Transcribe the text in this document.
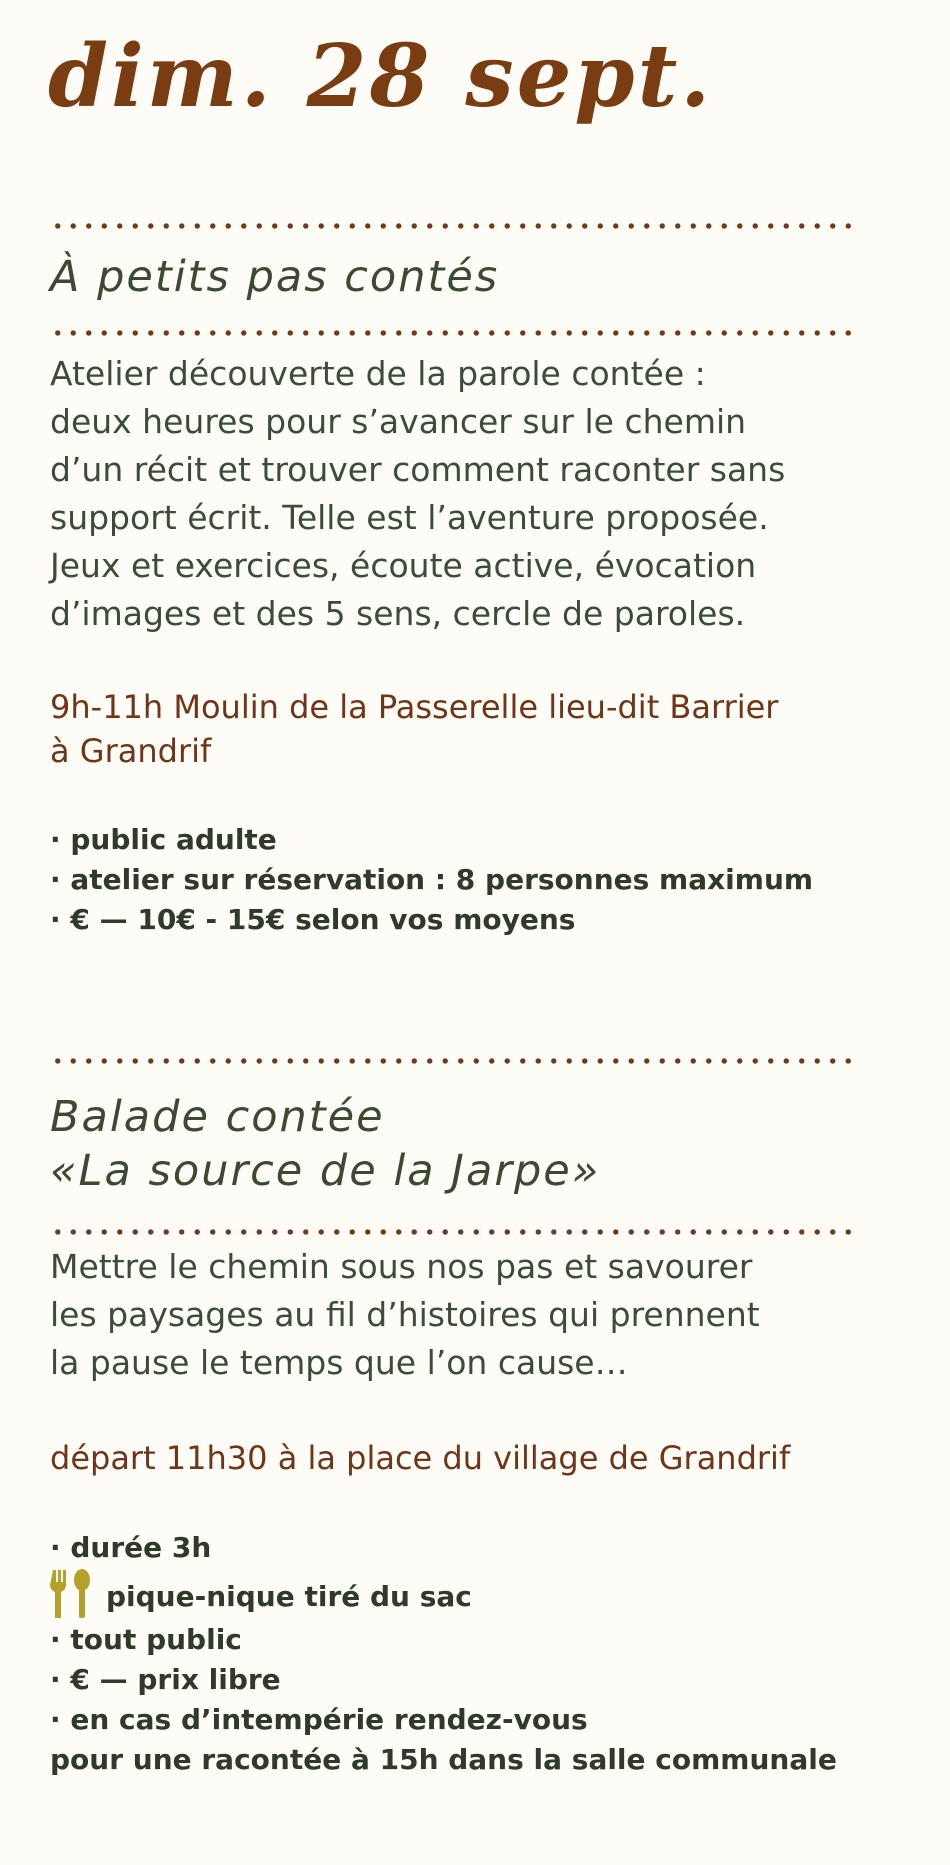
dim. 28 sept.
À petits pas contés

Atelier découverte de la parole contée :
deux heures pour s’avancer sur le chemin
d’un récit et trouver comment raconter sans
support écrit. Telle est l’aventure proposée.
Jeux et exercices, écoute active, évocation
d’images et des 5 sens, cercle de paroles.

9h-11h Moulin de la Passerelle lieu-dit Barrier
à Grandrif

· public adulte
· atelier sur réservation : 8 personnes maximum
· € — 10€ - 15€ selon vos moyens
Balade contée
«La source de la Jarpe»

Mettre le chemin sous nos pas et savourer
les paysages au fil d’histoires qui prennent
la pause le temps que l’on cause…

départ 11h30 à la place du village de Grandrif

· durée 3h
pique-nique tiré du sac
· tout public
· € — prix libre
· en cas d’intempérie rendez-vous
pour une racontée à 15h dans la salle communale
